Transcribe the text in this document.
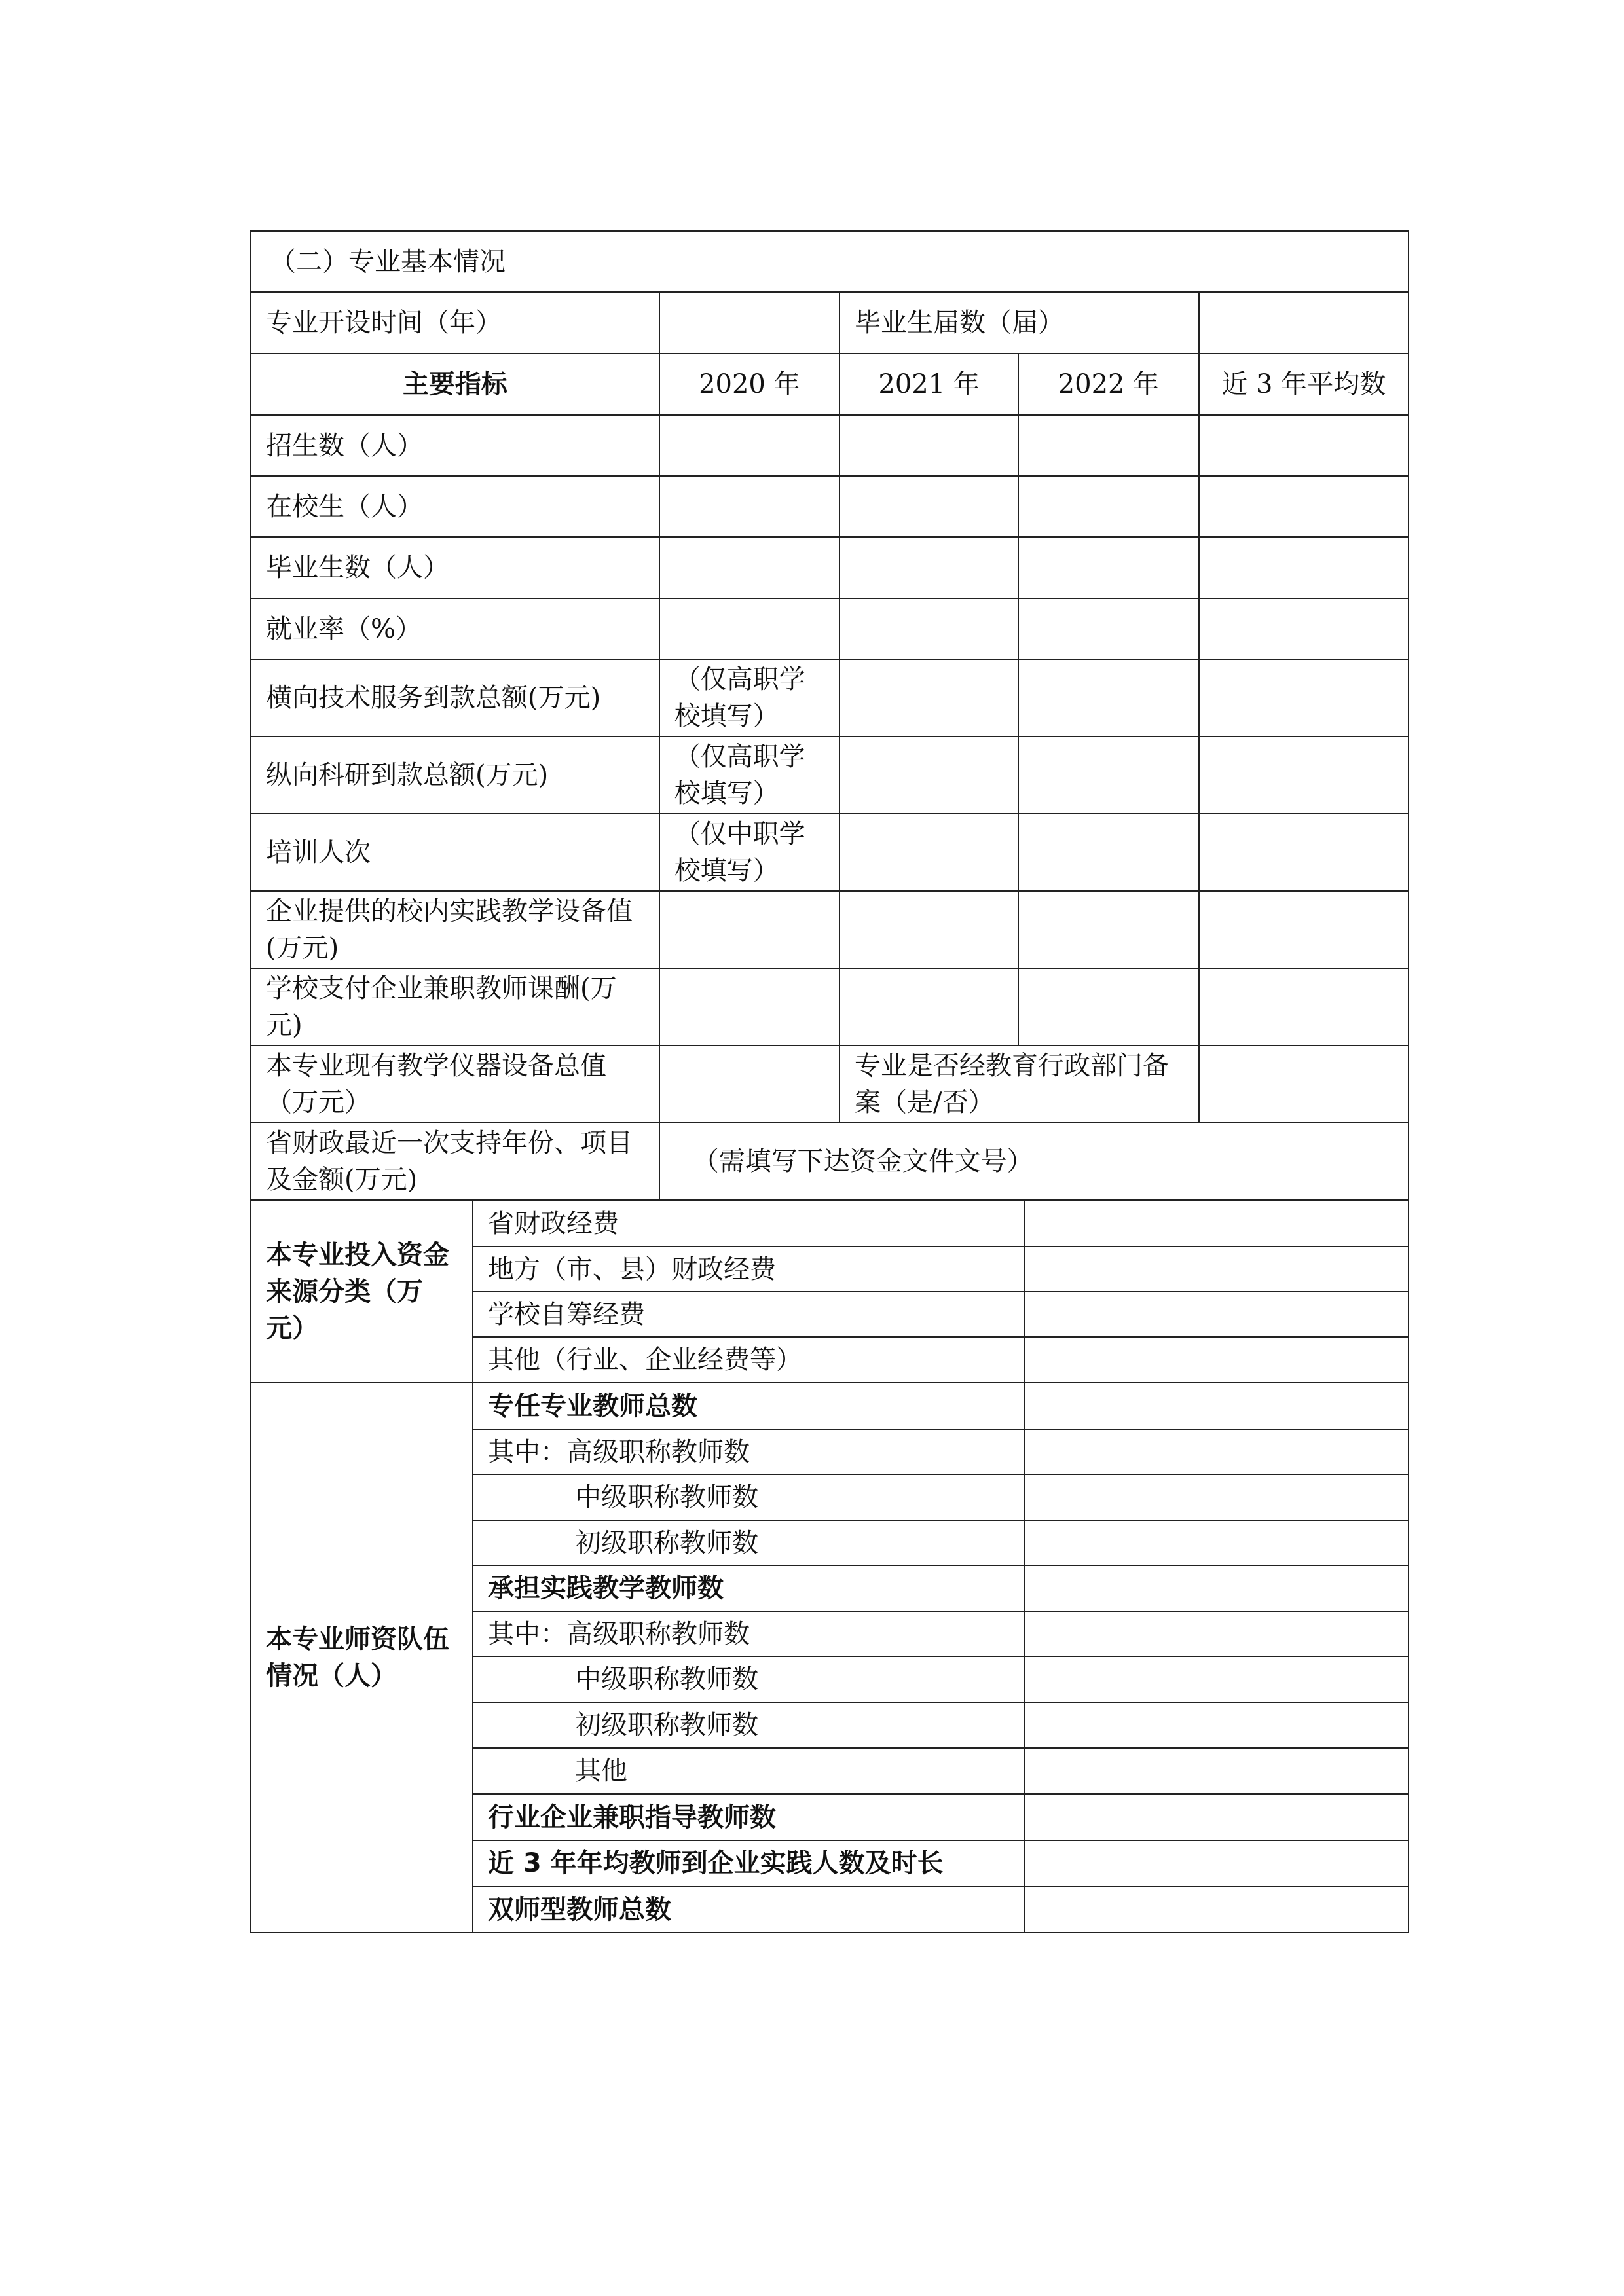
（二）专业基本情况
专业开设时间（年）		毕业生届数（届）	
主要指标	2020 年	2021 年	2022 年	近 3 年平均数
招生数（人）				
在校生（人）				
毕业生数（人）				
就业率（%）				
横向技术服务到款总额(万元)	（仅高职学校填写）			
纵向科研到款总额(万元)	（仅高职学校填写）			
培训人次	（仅中职学校填写）			
企业提供的校内实践教学设备值(万元)				
学校支付企业兼职教师课酬(万元)				
本专业现有教学仪器设备总值（万元）		专业是否经教育行政部门备案（是/否）	
省财政最近一次支持年份、项目及金额(万元)	（需填写下达资金文件文号）

本专业投入资金来源分类（万元）	省财政经费	
地方（市、县）财政经费	
学校自筹经费	
其他（行业、企业经费等）	

本专业师资队伍情况（人）	专任专业教师总数	
其中：高级职称教师数	
中级职称教师数	
初级职称教师数	
承担实践教学教师数	
其中：高级职称教师数	
中级职称教师数	
初级职称教师数	
其他	
行业企业兼职指导教师数	
近 3 年年均教师到企业实践人数及时长	
双师型教师总数	
